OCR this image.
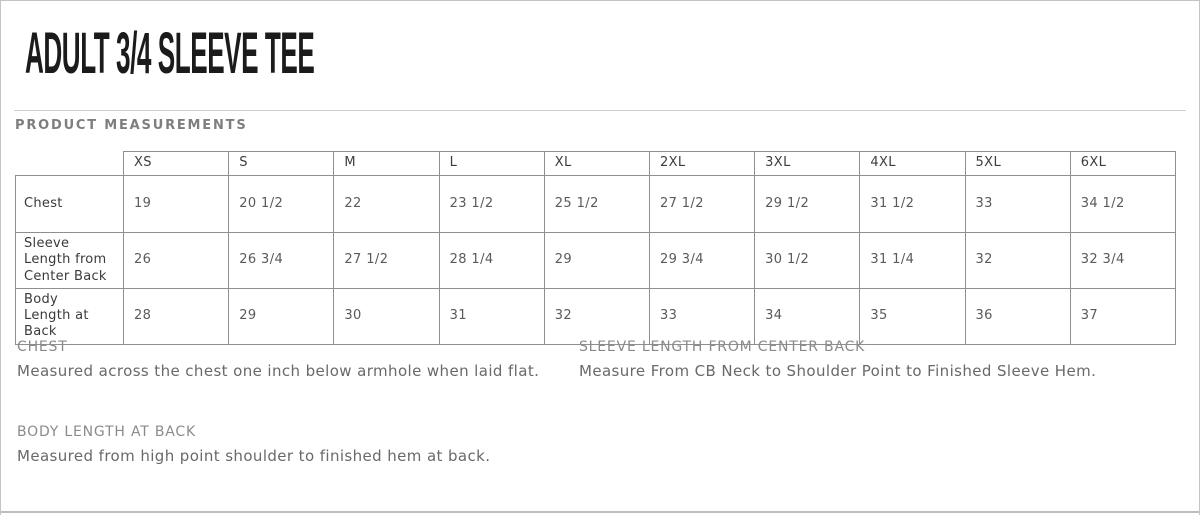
ADULT 3/4 SLEEVE TEE
PRODUCT MEASUREMENTS
	XS	S	M	L	XL	2XL	3XL	4XL	5XL	6XL
Chest	19	20 1/2	22	23 1/2	25 1/2	27 1/2	29 1/2	31 1/2	33	34 1/2
Sleeve Length from Center Back	26	26 3/4	27 1/2	28 1/4	29	29 3/4	30 1/2	31 1/4	32	32 3/4
Body Length at Back	28	29	30	31	32	33	34	35	36	37

CHEST

Measured across the chest one inch below armhole when laid flat.

SLEEVE LENGTH FROM CENTER BACK

Measure From CB Neck to Shoulder Point to Finished Sleeve Hem.

BODY LENGTH AT BACK

Measured from high point shoulder to finished hem at back.
